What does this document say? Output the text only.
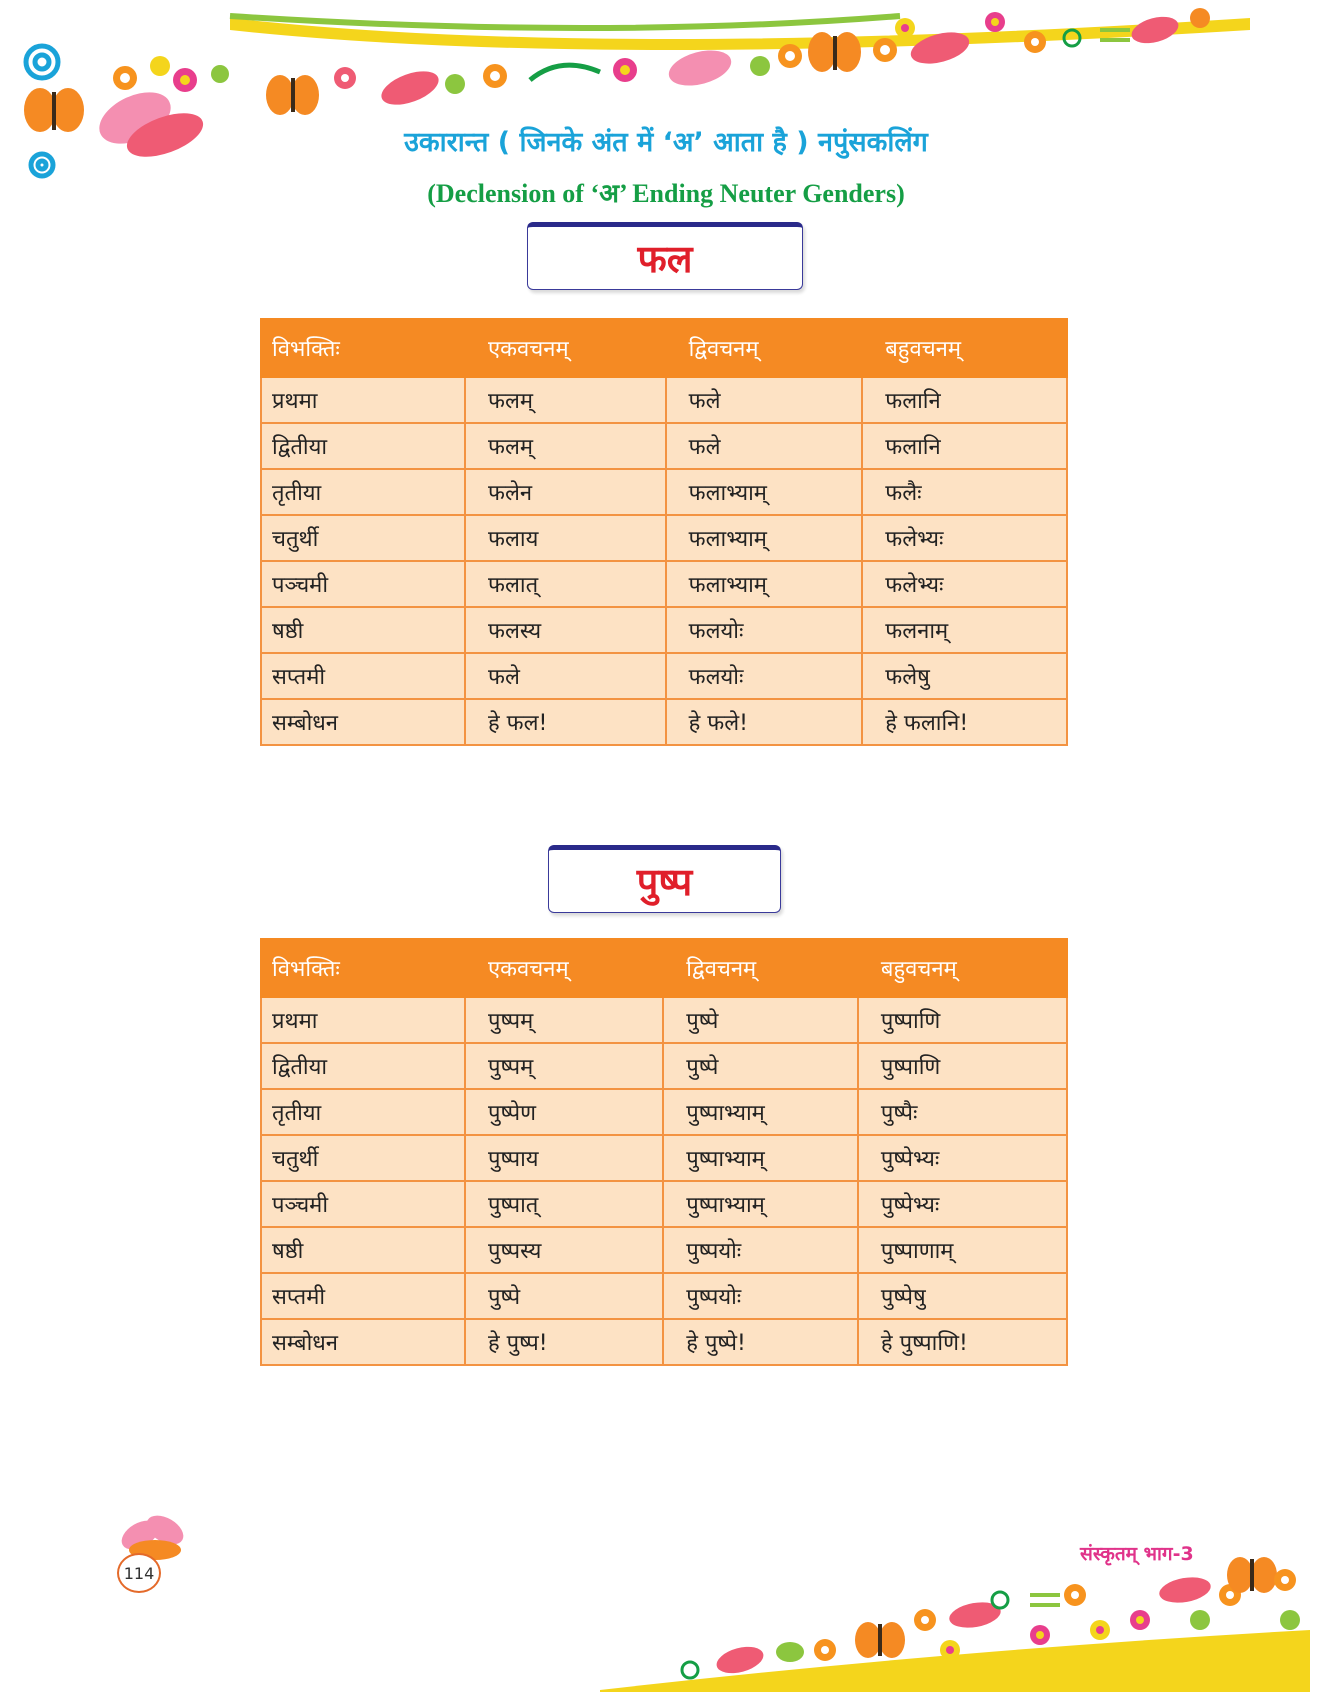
उकारान्त ( जिनके अंत में ‘अ’ आता है ) नपुंसकलिंग
(Declension of ‘अ’ Ending Neuter Genders)
फल
विभक्तिः	एकवचनम्	द्विवचनम्	बहुवचनम्
प्रथमा	फलम्	फले	फलानि
द्वितीया	फलम्	फले	फलानि
तृतीया	फलेन	फलाभ्याम्	फलैः
चतुर्थी	फलाय	फलाभ्याम्	फलेभ्यः
पञ्चमी	फलात्	फलाभ्याम्	फलेभ्यः
षष्ठी	फलस्य	फलयोः	फलनाम्
सप्तमी	फले	फलयोः	फलेषु
सम्बोधन	हे फल!	हे फले!	हे फलानि!
पुष्प
विभक्तिः	एकवचनम्	द्विवचनम्	बहुवचनम्
प्रथमा	पुष्पम्	पुष्पे	पुष्पाणि
द्वितीया	पुष्पम्	पुष्पे	पुष्पाणि
तृतीया	पुष्पेण	पुष्पाभ्याम्	पुष्पैः
चतुर्थी	पुष्पाय	पुष्पाभ्याम्	पुष्पेभ्यः
पञ्चमी	पुष्पात्	पुष्पाभ्याम्	पुष्पेभ्यः
षष्ठी	पुष्पस्य	पुष्पयोः	पुष्पाणाम्
सप्तमी	पुष्पे	पुष्पयोः	पुष्पेषु
सम्बोधन	हे पुष्प!	हे पुष्पे!	हे पुष्पाणि!
114
संस्कृतम् भाग-3
